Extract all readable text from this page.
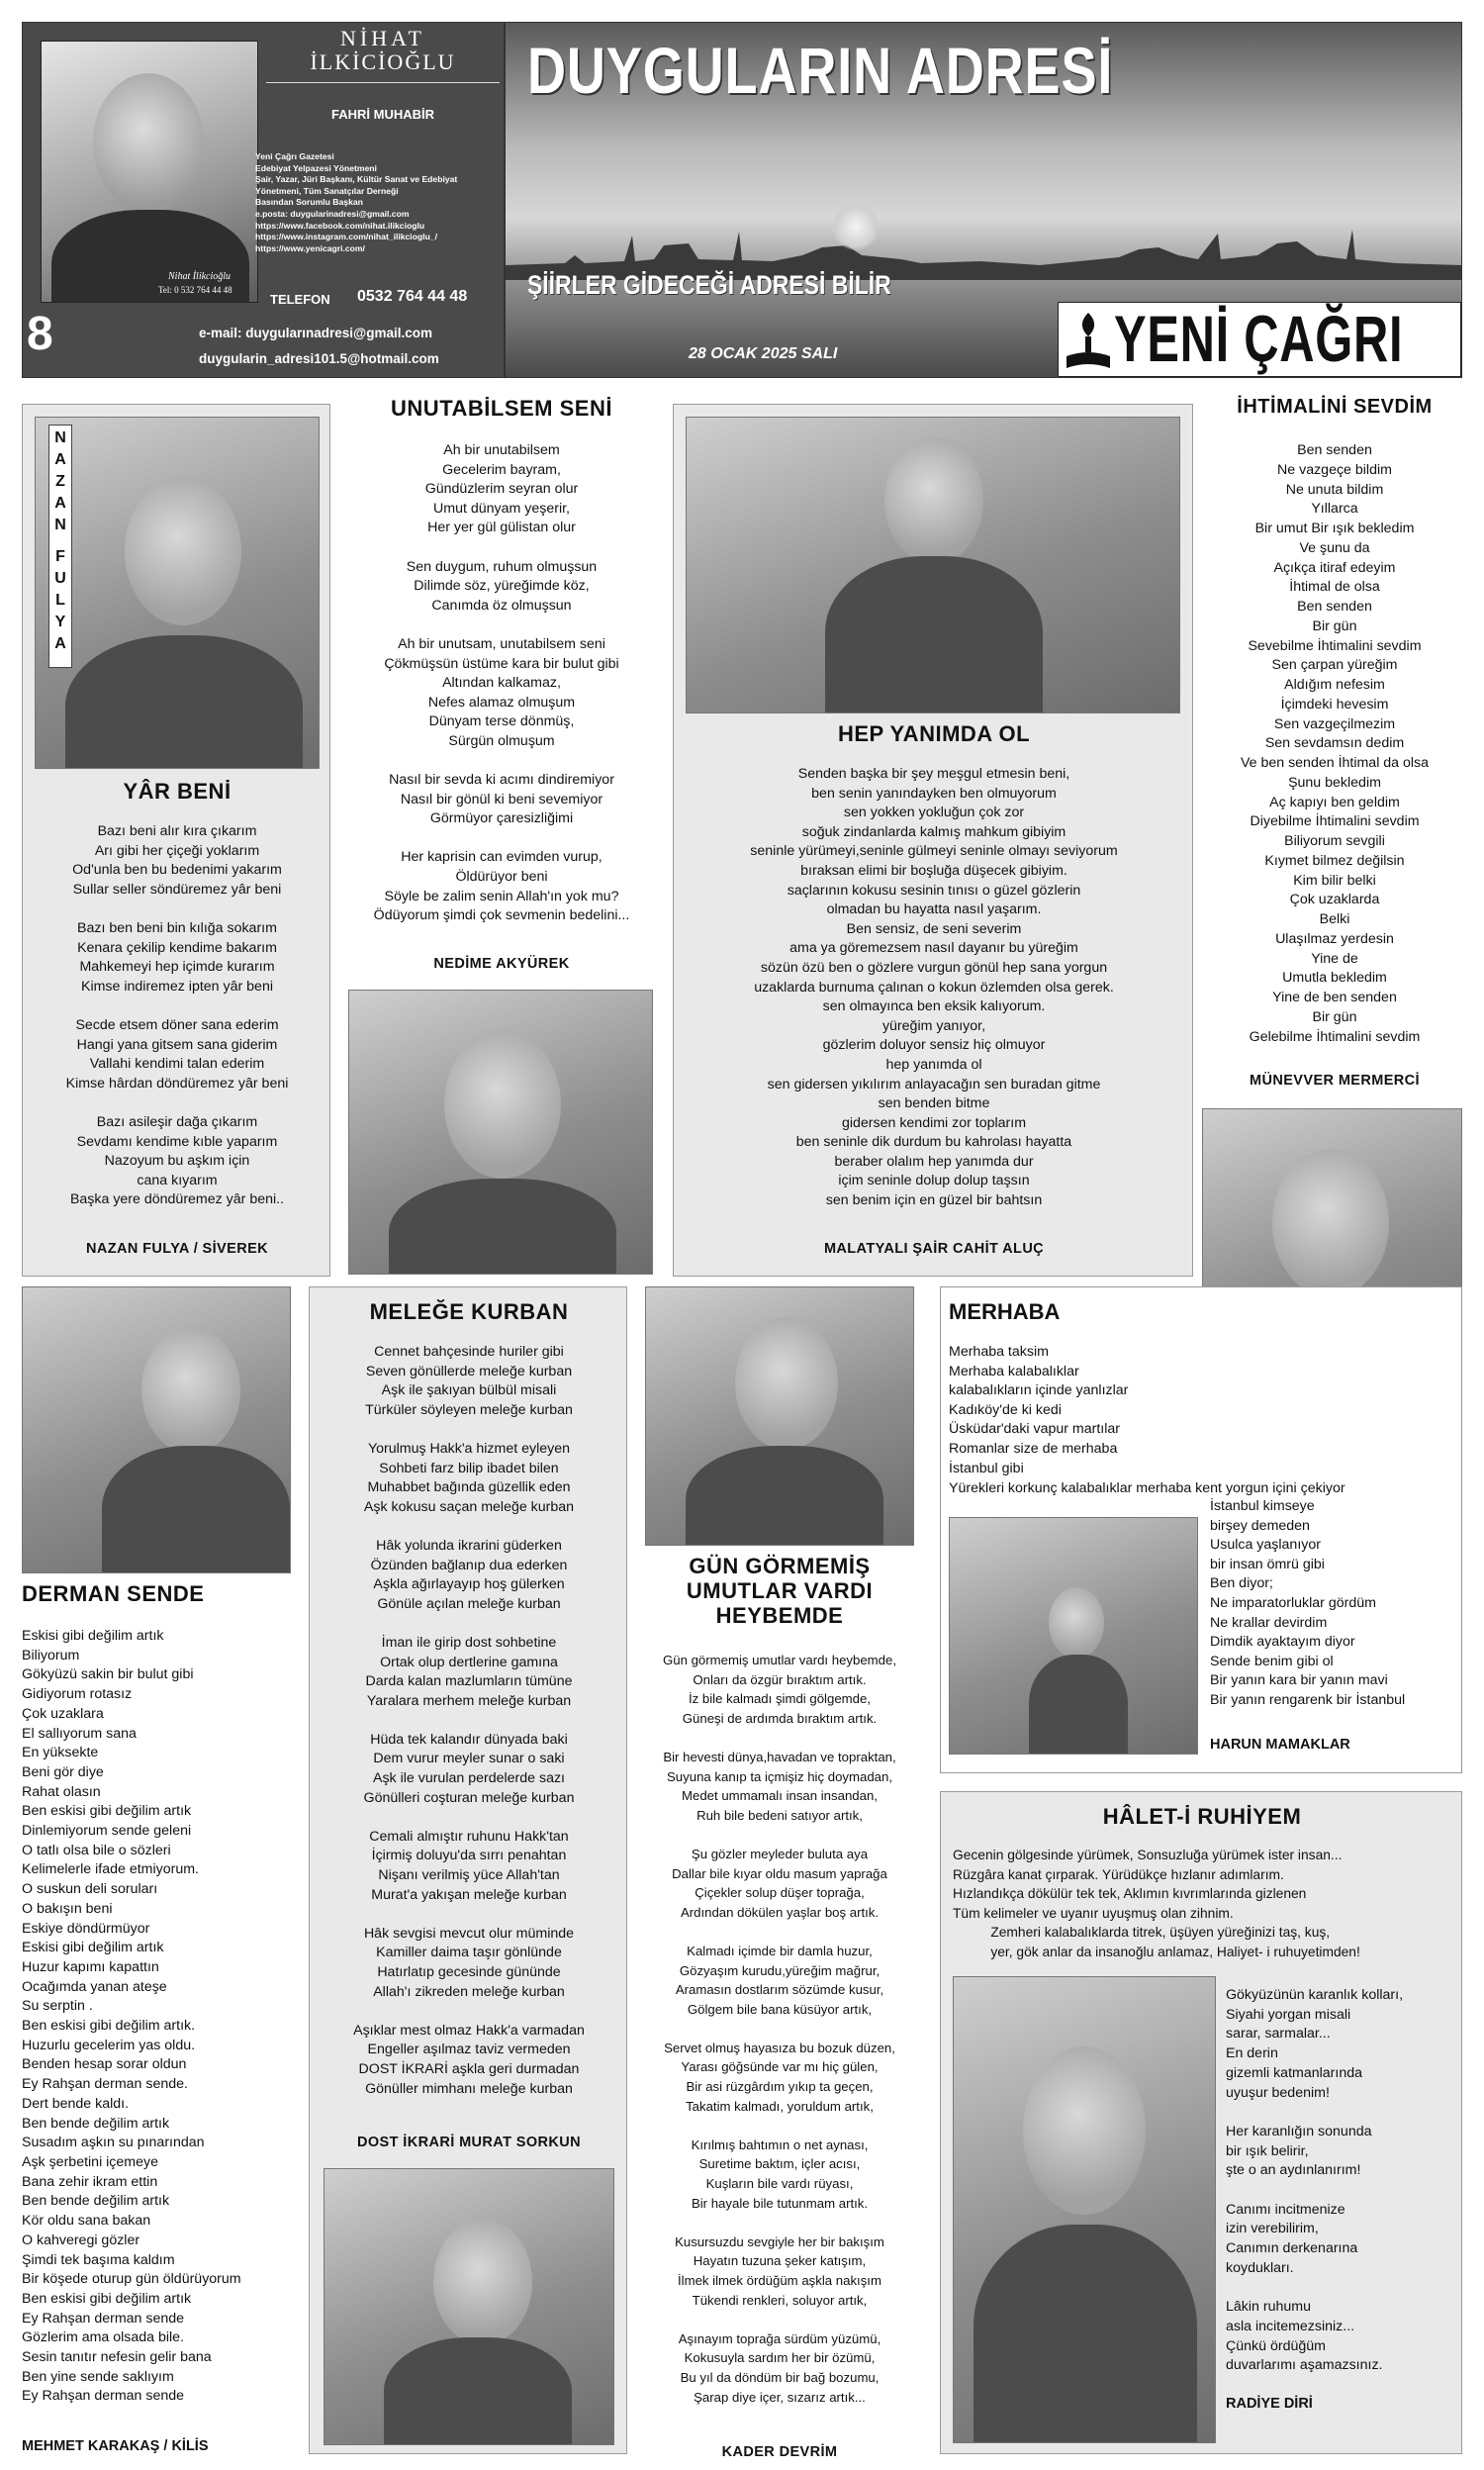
Nihat İlikcioğlu
Tel: 0 532 764 44 48
NİHAT
İLKİCİOĞLU
FAHRİ MUHABİR
Yeni Çağrı Gazetesi
Edebiyat Yelpazesi Yönetmeni
Şair, Yazar, Jüri Başkanı, Kültür Sanat ve Edebiyat
Yönetmeni, Tüm Sanatçılar Derneği
Basından Sorumlu Başkan
e.posta: duygularinadresi@gmail.com
https://www.facebook.com/nihat.ilikcioglu
https://www.instagram.com/nihat_ilikcioglu_/
https://www.yenicagri.com/
TELEFON 0532 764 44 48
8	e-mail: duygularınadresi@gmail.com
duygularin_adresi101.5@hotmail.com
DUYGULARIN ADRESİ
ŞİİRLER GİDECEĞİ ADRESİ BİLİR
28 OCAK 2025 SALI	YENİ ÇAĞRI
NAZAN
FULYA
YÂR BENİ
Bazı beni alır kıra çıkarım
Arı gibi her çiçeği yoklarım
Od'unla ben bu bedenimi yakarım
Sullar seller söndüremez yâr beni

Bazı ben beni bin kılığa sokarım
Kenara çekilip kendime bakarım
Mahkemeyi hep içimde kurarım
Kimse indiremez ipten yâr beni

Secde etsem döner sana ederim
Hangi yana gitsem sana giderim
Vallahi kendimi talan ederim
Kimse hârdan döndüremez yâr beni

Bazı asileşir dağa çıkarım
Sevdamı kendime kıble yaparım
Nazoyum bu aşkım için
cana kıyarım
Başka yere döndüremez yâr beni..
NAZAN FULYA / SİVEREK
UNUTABİLSEM SENİ
Ah bir unutabilsem
Gecelerim bayram,
Gündüzlerim seyran olur
Umut dünyam yeşerir,
Her yer gül gülistan olur

Sen duygum, ruhum olmuşsun
Dilimde söz, yüreğimde köz,
Canımda öz olmuşsun

Ah bir unutsam, unutabilsem seni
Çökmüşsün üstüme kara bir bulut gibi
Altından kalkamaz,
Nefes alamaz olmuşum
Dünyam terse dönmüş,
Sürgün olmuşum

Nasıl bir sevda ki acımı dindiremiyor
Nasıl bir gönül ki beni sevemiyor
Görmüyor çaresizliğimi

Her kaprisin can evimden vurup,
Öldürüyor beni
Söyle be zalim senin Allah'ın yok mu?
Ödüyorum şimdi çok sevmenin bedelini...
NEDİME AKYÜREK
HEP YANIMDA OL
Senden başka bir şey meşgul etmesin beni,
ben senin yanındayken ben olmuyorum
sen yokken yokluğun çok zor
soğuk zindanlarda kalmış mahkum gibiyim
seninle yürümeyi,seninle gülmeyi seninle olmayı seviyorum
bıraksan elimi bir boşluğa düşecek gibiyim.
saçlarının kokusu sesinin tınısı o güzel gözlerin
olmadan bu hayatta nasıl yaşarım.
Ben sensiz, de seni severim
ama ya göremezsem nasıl dayanır bu yüreğim
sözün özü ben o gözlere vurgun gönül hep sana yorgun
uzaklarda burnuma çalınan o kokun özlemden olsa gerek.
sen olmayınca ben eksik kalıyorum.
yüreğim yanıyor,
gözlerim doluyor sensiz hiç olmuyor
hep yanımda ol
sen gidersen yıkılırım anlayacağın sen buradan gitme
sen benden bitme
gidersen kendimi zor toplarım
ben seninle dik durdum bu kahrolası hayatta
beraber olalım hep yanımda dur
içim seninle dolup dolup taşsın
sen benim için en güzel bir bahtsın
MALATYALI ŞAİR CAHİT ALUÇ
İHTİMALİNİ SEVDİM
Ben senden
Ne vazgeçe bildim
Ne unuta bildim
Yıllarca
Bir umut Bir ışık bekledim
Ve şunu da
Açıkça itiraf edeyim
İhtimal de olsa
Ben senden
Bir gün
Sevebilme İhtimalini sevdim
Sen çarpan yüreğim
Aldığım nefesim
İçimdeki hevesim
Sen vazgeçilmezim
Sen sevdamsın dedim
Ve ben senden İhtimal da olsa
Şunu bekledim
Aç kapıyı ben geldim
Diyebilme İhtimalini sevdim
Biliyorum sevgili
Kıymet bilmez değilsin
Kim bilir belki
Çok uzaklarda
Belki
Ulaşılmaz yerdesin
Yine de
Umutla bekledim
Yine de ben senden
Bir gün
Gelebilme İhtimalini sevdim
MÜNEVVER MERMERCİ
DERMAN SENDE
Eskisi gibi değilim artık
Biliyorum
Gökyüzü sakin bir bulut gibi
Gidiyorum rotasız
Çok uzaklara
El sallıyorum sana
En yüksekte
Beni gör diye
Rahat olasın
Ben eskisi gibi değilim artık
Dinlemiyorum sende geleni
O tatlı olsa bile o sözleri
Kelimelerle ifade etmiyorum.
O suskun deli soruları
O bakışın beni
Eskiye döndürmüyor
Eskisi gibi değilim artık
Huzur kapımı kapattın
Ocağımda yanan ateşe
Su serptin .
Ben eskisi gibi değilim artık.
Huzurlu gecelerim yas oldu.
Benden hesap sorar oldun
Ey Rahşan derman sende.
Dert bende kaldı.
Ben bende değilim artık
Susadım aşkın su pınarından
Aşk şerbetini içemeye
Bana zehir ikram ettin
Ben bende değilim artık
Kör oldu sana bakan
O kahveregi gözler
Şimdi tek başıma kaldım
Bir köşede oturup gün öldürüyorum
Ben eskisi gibi değilim artık
Ey Rahşan derman sende
Gözlerim ama olsada bile.
Sesin tanıtır nefesin gelir bana
Ben yine sende saklıyım
Ey Rahşan derman sende
MEHMET KARAKAŞ / KİLİS
MELEĞE KURBAN
Cennet bahçesinde huriler gibi
Seven gönüllerde meleğe kurban
Aşk ile şakıyan bülbül misali
Türküler söyleyen meleğe kurban

Yorulmuş Hakk'a hizmet eyleyen
Sohbeti farz bilip ibadet bilen
Muhabbet bağında güzellik eden
Aşk kokusu saçan meleğe kurban

Hâk yolunda ikrarini güderken
Özünden bağlanıp dua ederken
Aşkla ağırlayayıp hoş gülerken
Gönüle açılan meleğe kurban

İman ile girip dost sohbetine
Ortak olup dertlerine gamına
Darda kalan mazlumların tümüne
Yaralara merhem meleğe kurban

Hüda tek kalandır dünyada baki
Dem vurur meyler sunar o saki
Aşk ile vurulan perdelerde sazı
Gönülleri coşturan meleğe kurban

Cemali almıştır ruhunu Hakk'tan
İçirmiş doluyu'da sırrı penahtan
Nişanı verilmiş yüce Allah'tan
Murat'a yakışan meleğe kurban

Hâk sevgisi mevcut olur müminde
Kamiller daima taşır gönlünde
Hatırlatıp gecesinde gününde
Allah'ı zikreden meleğe kurban

Aşıklar mest olmaz Hakk'a varmadan
Engeller aşılmaz taviz vermeden
DOST İKRARİ aşkla geri durmadan
Gönüller mimhanı meleğe kurban
DOST İKRARİ MURAT SORKUN
GÜN GÖRMEMİŞ
UMUTLAR VARDI
HEYBEMDE
Gün görmemiş umutlar vardı heybemde,
Onları da özgür bıraktım artık.
İz bile kalmadı şimdi gölgemde,
Güneşi de ardımda bıraktım artık.

Bir hevesti dünya,havadan ve topraktan,
Suyuna kanıp ta içmişiz hiç doymadan,
Medet ummamalı insan insandan,
Ruh bile bedeni satıyor artık,

Şu gözler meyleder buluta aya
Dallar bile kıyar oldu masum yaprağa
Çiçekler solup düşer toprağa,
Ardından dökülen yaşlar boş artık.

Kalmadı içimde bir damla huzur,
Gözyaşım kurudu,yüreğim mağrur,
Aramasın dostlarım sözümde kusur,
Gölgem bile bana küsüyor artık,

Servet olmuş hayasıza bu bozuk düzen,
Yarası göğsünde var mı hiç gülen,
Bir asi rüzgârdım yıkıp ta geçen,
Takatim kalmadı, yoruldum artık,

Kırılmış bahtımın o net aynası,
Suretime baktım, içler acısı,
Kuşların bile vardı rüyası,
Bir hayale bile tutunmam artık.

Kusursuzdu sevgiyle her bir bakışım
Hayatın tuzuna şeker katışım,
İlmek ilmek ördüğüm aşkla nakışım
Tükendi renkleri, soluyor artık,

Aşınayım toprağa sürdüm yüzümü,
Kokusuyla sardım her bir özümü,
Bu yıl da döndüm bir bağ bozumu,
Şarap diye içer, sızarız artık...
KADER DEVRİM
MERHABA
Merhaba taksim
Merhaba kalabalıklar
kalabalıkların içinde yanlızlar
Kadıköy'de ki kedi
Üsküdar'daki vapur martılar
Romanlar size de merhaba
İstanbul gibi
Yürekleri korkunç kalabalıklar merhaba kent yorgun içini çekiyor
İstanbul kimseye
birşey demeden
Usulca yaşlanıyor
bir insan ömrü gibi
Ben diyor;
Ne imparatorluklar gördüm
Ne krallar devirdim
Dimdik ayaktayım diyor
Sende benim gibi ol
Bir yanın kara bir yanın mavi
Bir yanın rengarenk bir İstanbul
HARUN MAMAKLAR
HÂLET-İ RUHİYEM
Gecenin gölgesinde yürümek, Sonsuzluğa yürümek ister insan...
Rüzgâra kanat çırparak. Yürüdükçe hızlanır adımlarım.
Hızlandıkça dökülür tek tek, Aklımın kıvrımlarında gizlenen
Tüm kelimeler ve uyanır uyuşmuş olan zihnim.
Zemheri kalabalıklarda titrek, üşüyen yüreğinizi taş, kuş,
yer, gök anlar da insanoğlu anlamaz, Haliyet- i ruhuyetimden!
Gökyüzünün karanlık kolları,
Siyahi yorgan misali
sarar, sarmalar...
En derin
gizemli katmanlarında
uyuşur bedenim!

Her karanlığın sonunda
bir ışık belirir,
şte o an aydınlanırım!

Canımı incitmenize
izin verebilirim,
Canımın derkenarına
koydukları.

Lâkin ruhumu
asla incitemezsiniz...
Çünkü ördüğüm
duvarlarımı aşamazsınız.
RADİYE DİRİ
